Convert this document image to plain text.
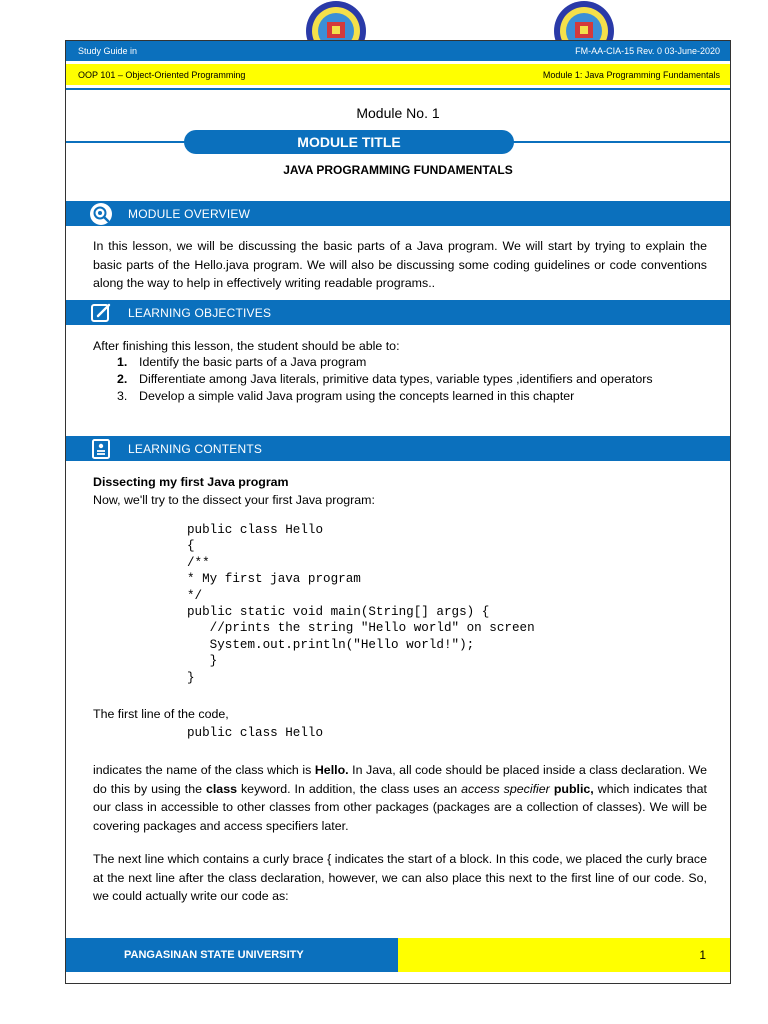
Study Guide in	FM-AA-CIA-15 Rev. 0 03-June-2020
OOP 101 – Object-Oriented Programming	Module 1: Java Programming Fundamentals
Module No. 1
MODULE TITLE
JAVA PROGRAMMING FUNDAMENTALS
MODULE OVERVIEW
In this lesson, we will be discussing the basic parts of a Java program. We will start by trying to explain the basic parts of the Hello.java program. We will also be discussing some coding guidelines or code conventions along the way to help in effectively writing readable programs..
LEARNING OBJECTIVES
After finishing this lesson, the student should be able to:
1. Identify the basic parts of a Java program
2. Differentiate among Java literals, primitive data types, variable types ,identifiers and operators
3. Develop a simple valid Java program using the concepts learned in this chapter
LEARNING CONTENTS
Dissecting my first Java program
Now, we'll try to the dissect your first Java program:
public class Hello
{
/**
* My first java program
*/
public static void main(String[] args) {
//prints the string "Hello world" on screen
System.out.println("Hello world!");
}
}
The first line of the code,
public class Hello
indicates the name of the class which is Hello. In Java, all code should be placed inside a class declaration. We do this by using the class keyword. In addition, the class uses an access specifier public, which indicates that our class in accessible to other classes from other packages (packages are a collection of classes). We will be covering packages and access specifiers later.
The next line which contains a curly brace { indicates the start of a block. In this code, we placed the curly brace at the next line after the class declaration, however, we can also place this next to the first line of our code. So, we could actually write our code as:
PANGASINAN STATE UNIVERSITY	1
